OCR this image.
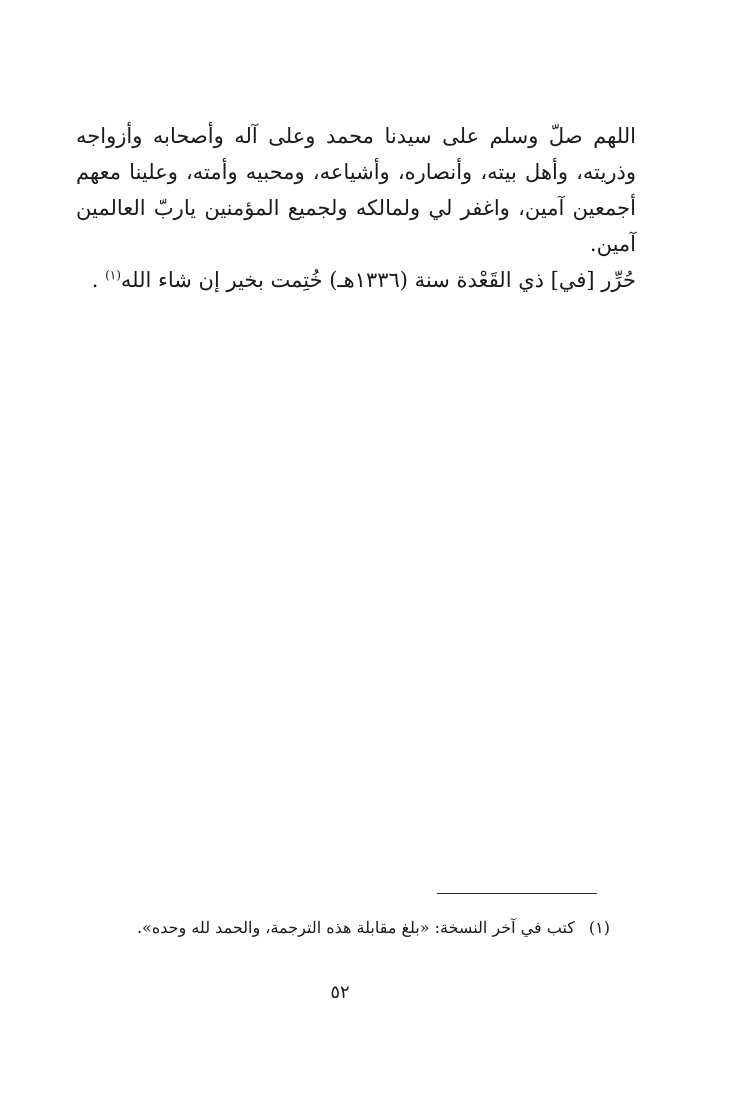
اللهم صلّ وسلم على سيدنا محمد وعلى آله وأصحابه وأزواجه وذريته، وأهل بيته، وأنصاره، وأشياعه، ومحبيه وأمته، وعلينا معهم أجمعين آمين، واغفر لي ولمالكه ولجميع المؤمنين ياربّ العالمين آمين.

حُرِّر [في] ذي القَعْدة سنة (١٣٣٦هـ) خُتِمت بخير إن شاء الله$^{(١)}$ .

(١)كتب في آخر النسخة: «بلغ مقابلة هذه الترجمة، والحمد لله وحده».
٥٢
